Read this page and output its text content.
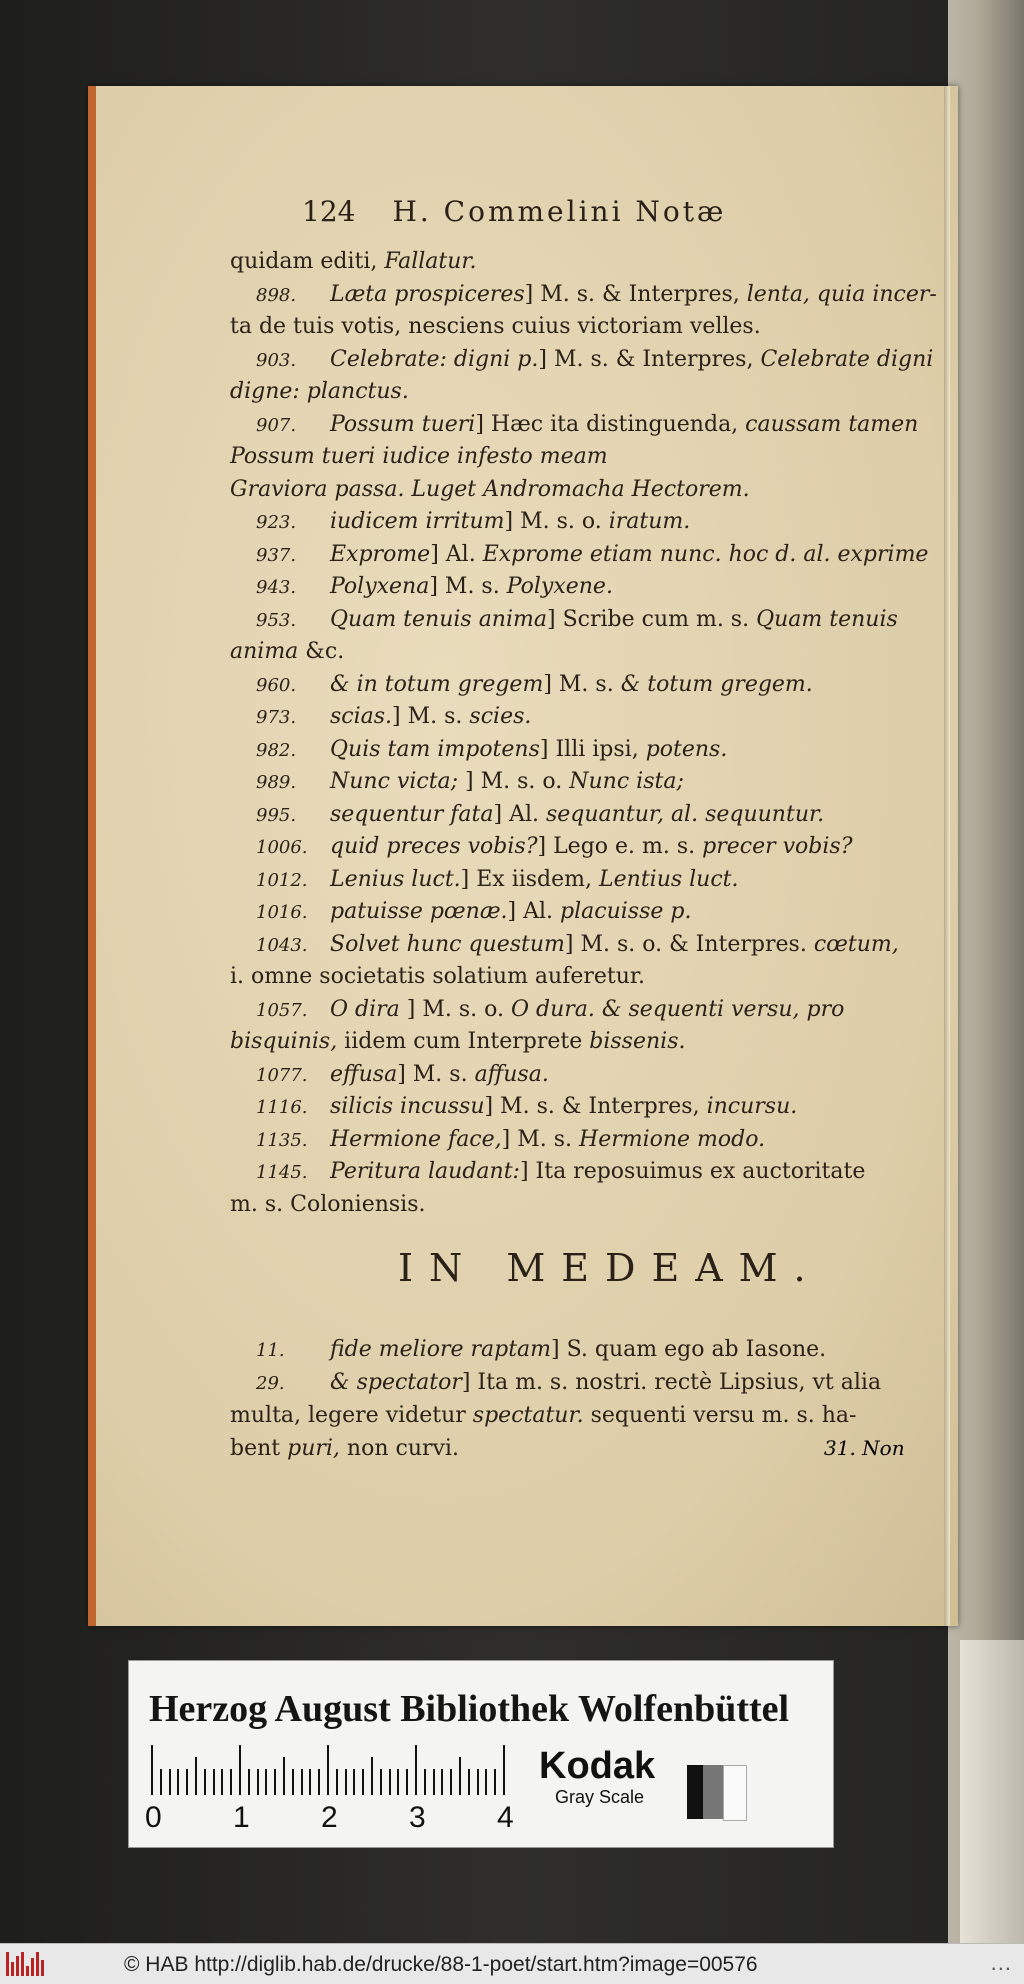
124 H. Commelini Notæ
quidam editi, Fallatur.
898. Læta prospiceres] M. s. & Interpres, lenta, quia incer-
ta de tuis votis, nesciens cuius victoriam velles.
903. Celebrate: digni p.] M. s. & Interpres, Celebrate digni
digne: planctus.
907. Possum tueri] Hæc ita distinguenda, caussam tamen
Possum tueri iudice infesto meam
Graviora passa. Luget Andromacha Hectorem.
923. iudicem irritum] M. s. o. iratum.
937. Exprome] Al. Exprome etiam nunc. hoc d. al. exprime
943. Polyxena] M. s. Polyxene.
953. Quam tenuis anima] Scribe cum m. s. Quam tenuis
anima &c.
960. & in totum gregem] M. s. & totum gregem.
973. scias.] M. s. scies.
982. Quis tam impotens] Illi ipsi, potens.
989. Nunc victa; ] M. s. o. Nunc ista;
995. sequentur fata] Al. sequantur, al. sequuntur.
1006. quid preces vobis?] Lego e. m. s. precer vobis?
1012. Lenius luct.] Ex iisdem, Lentius luct.
1016. patuisse pœnæ.] Al. placuisse p.
1043. Solvet hunc questum] M. s. o. & Interpres. cœtum,
i. omne societatis solatium auferetur.
1057. O dira ] M. s. o. O dura. & sequenti versu, pro
bisquinis, iidem cum Interprete bissenis.
1077. effusa] M. s. affusa.
1116. silicis incussu] M. s. & Interpres, incursu.
1135. Hermione face,] M. s. Hermione modo.
1145. Peritura laudant:] Ita reposuimus ex auctoritate
m. s. Coloniensis.
11. fide meliore raptam] S. quam ego ab Iasone.
29. & spectator] Ita m. s. nostri. rectè Lipsius, vt alia
multa, legere videtur spectatur. sequenti versu m. s. ha-
bent puri, non curvi.
IN MEDEAM.
31. Non
Herzog August Bibliothek Wolfenbüttel
0 1 2 3 4
Kodak
Gray Scale
© HAB http://diglib.hab.de/drucke/88-1-poet/start.htm?image=00576	...
